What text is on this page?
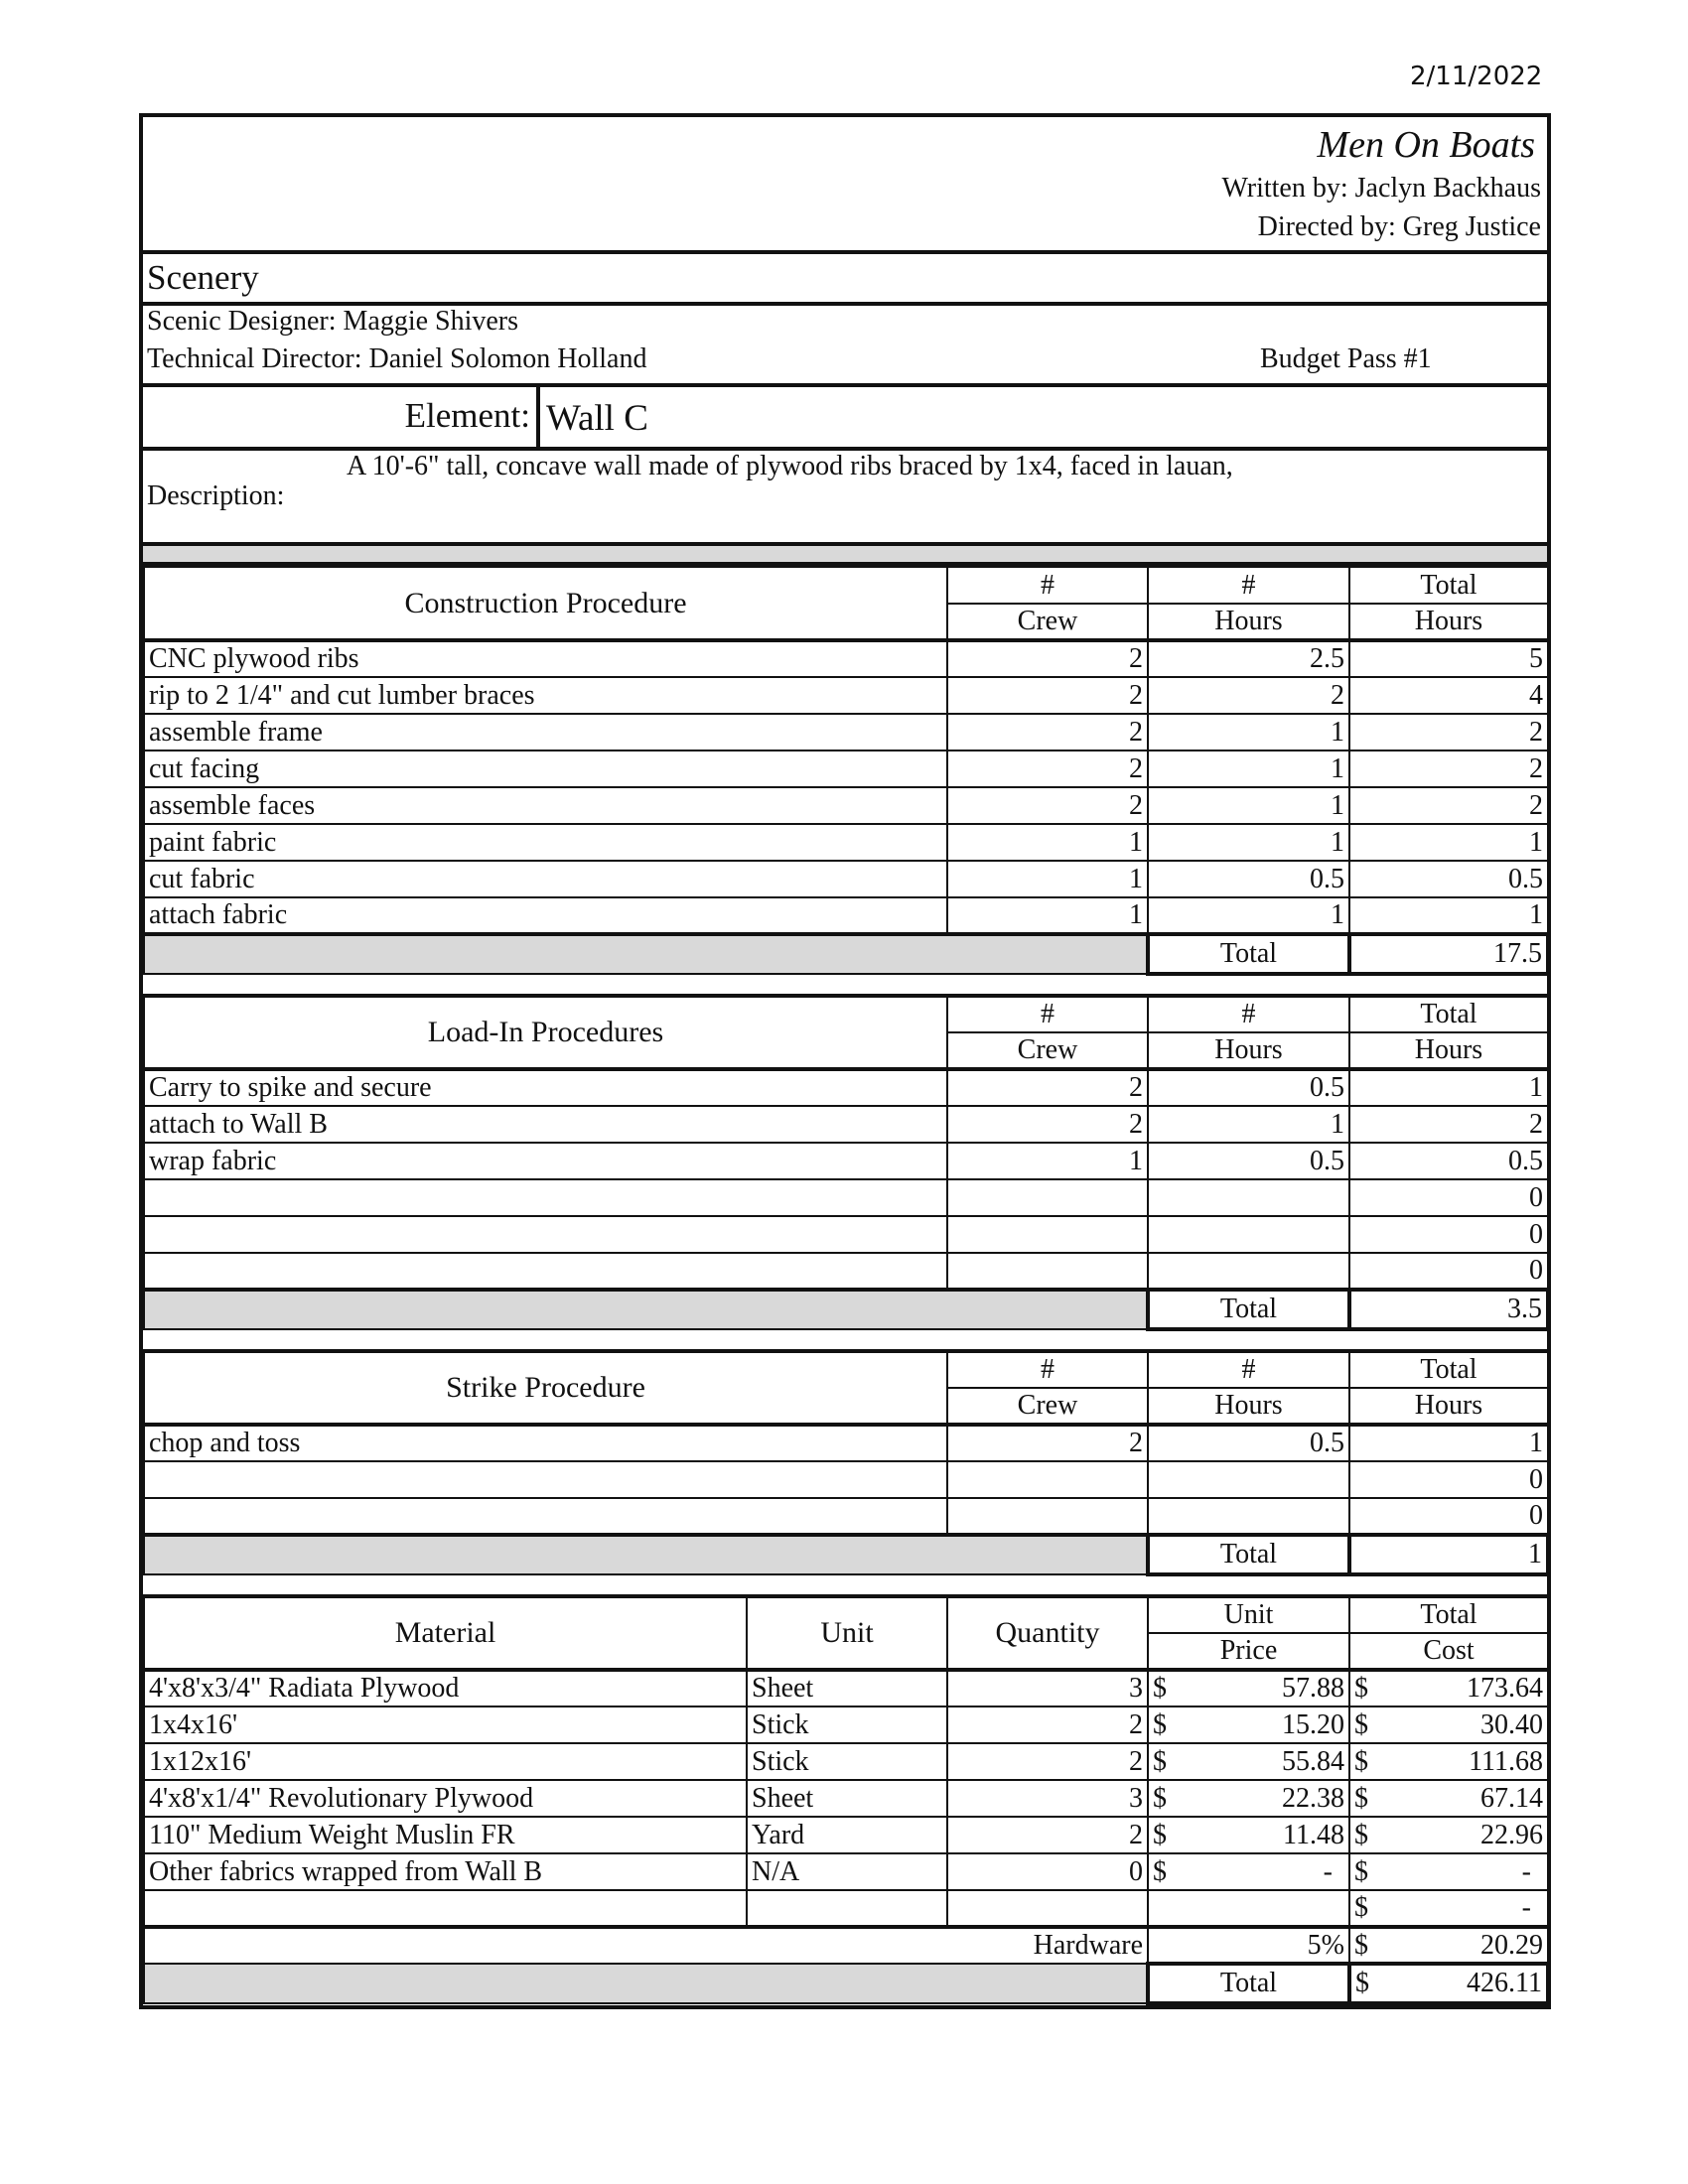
2/11/2022
Men On Boats
Written by: Jaclyn Backhaus
Directed by: Greg Justice
Scenery
Scenic Designer: Maggie Shivers
Technical Director: Daniel Solomon Holland	Budget Pass #1
Element: Wall C
A 10'-6" tall, concave wall made of plywood ribs braced by 1x4, faced in lauan,
Description:
Construction Procedure	#	#	Total
	Crew	Hours	Hours
CNC plywood ribs	2	2.5	5
rip to 2 1/4" and cut lumber braces	2	2	4
assemble frame	2	1	2
cut facing	2	1	2
assemble faces	2	1	2
paint fabric	1	1	1
cut fabric	1	0.5	0.5
attach fabric	1	1	1
		Total	17.5
Load-In Procedures	#	#	Total
	Crew	Hours	Hours
Carry to spike and secure	2	0.5	1
attach to Wall B	2	1	2
wrap fabric	1	0.5	0.5
			0
			0
			0
		Total	3.5
Strike Procedure	#	#	Total
	Crew	Hours	Hours
chop and toss	2	0.5	1
			0
			0
		Total	1
Material	Unit	Quantity	Unit	Total
			Price	Cost
4'x8'x3/4" Radiata Plywood	Sheet	3	$ 57.88	$ 173.64

1x4x16'	Stick	2	$ 15.20	$ 30.40

1x12x16'	Stick	2	$ 55.84	$ 111.68

4'x8'x1/4" Revolutionary Plywood	Sheet	3	$ 22.38	$ 67.14

110" Medium Weight Muslin FR	Yard	2	$ 11.48	$ 22.96

Other fabrics wrapped from Wall B	N/A	0	$ -	$ -

				$ -

Hardware			5%	$ 20.29

			Total	$ 426.11
